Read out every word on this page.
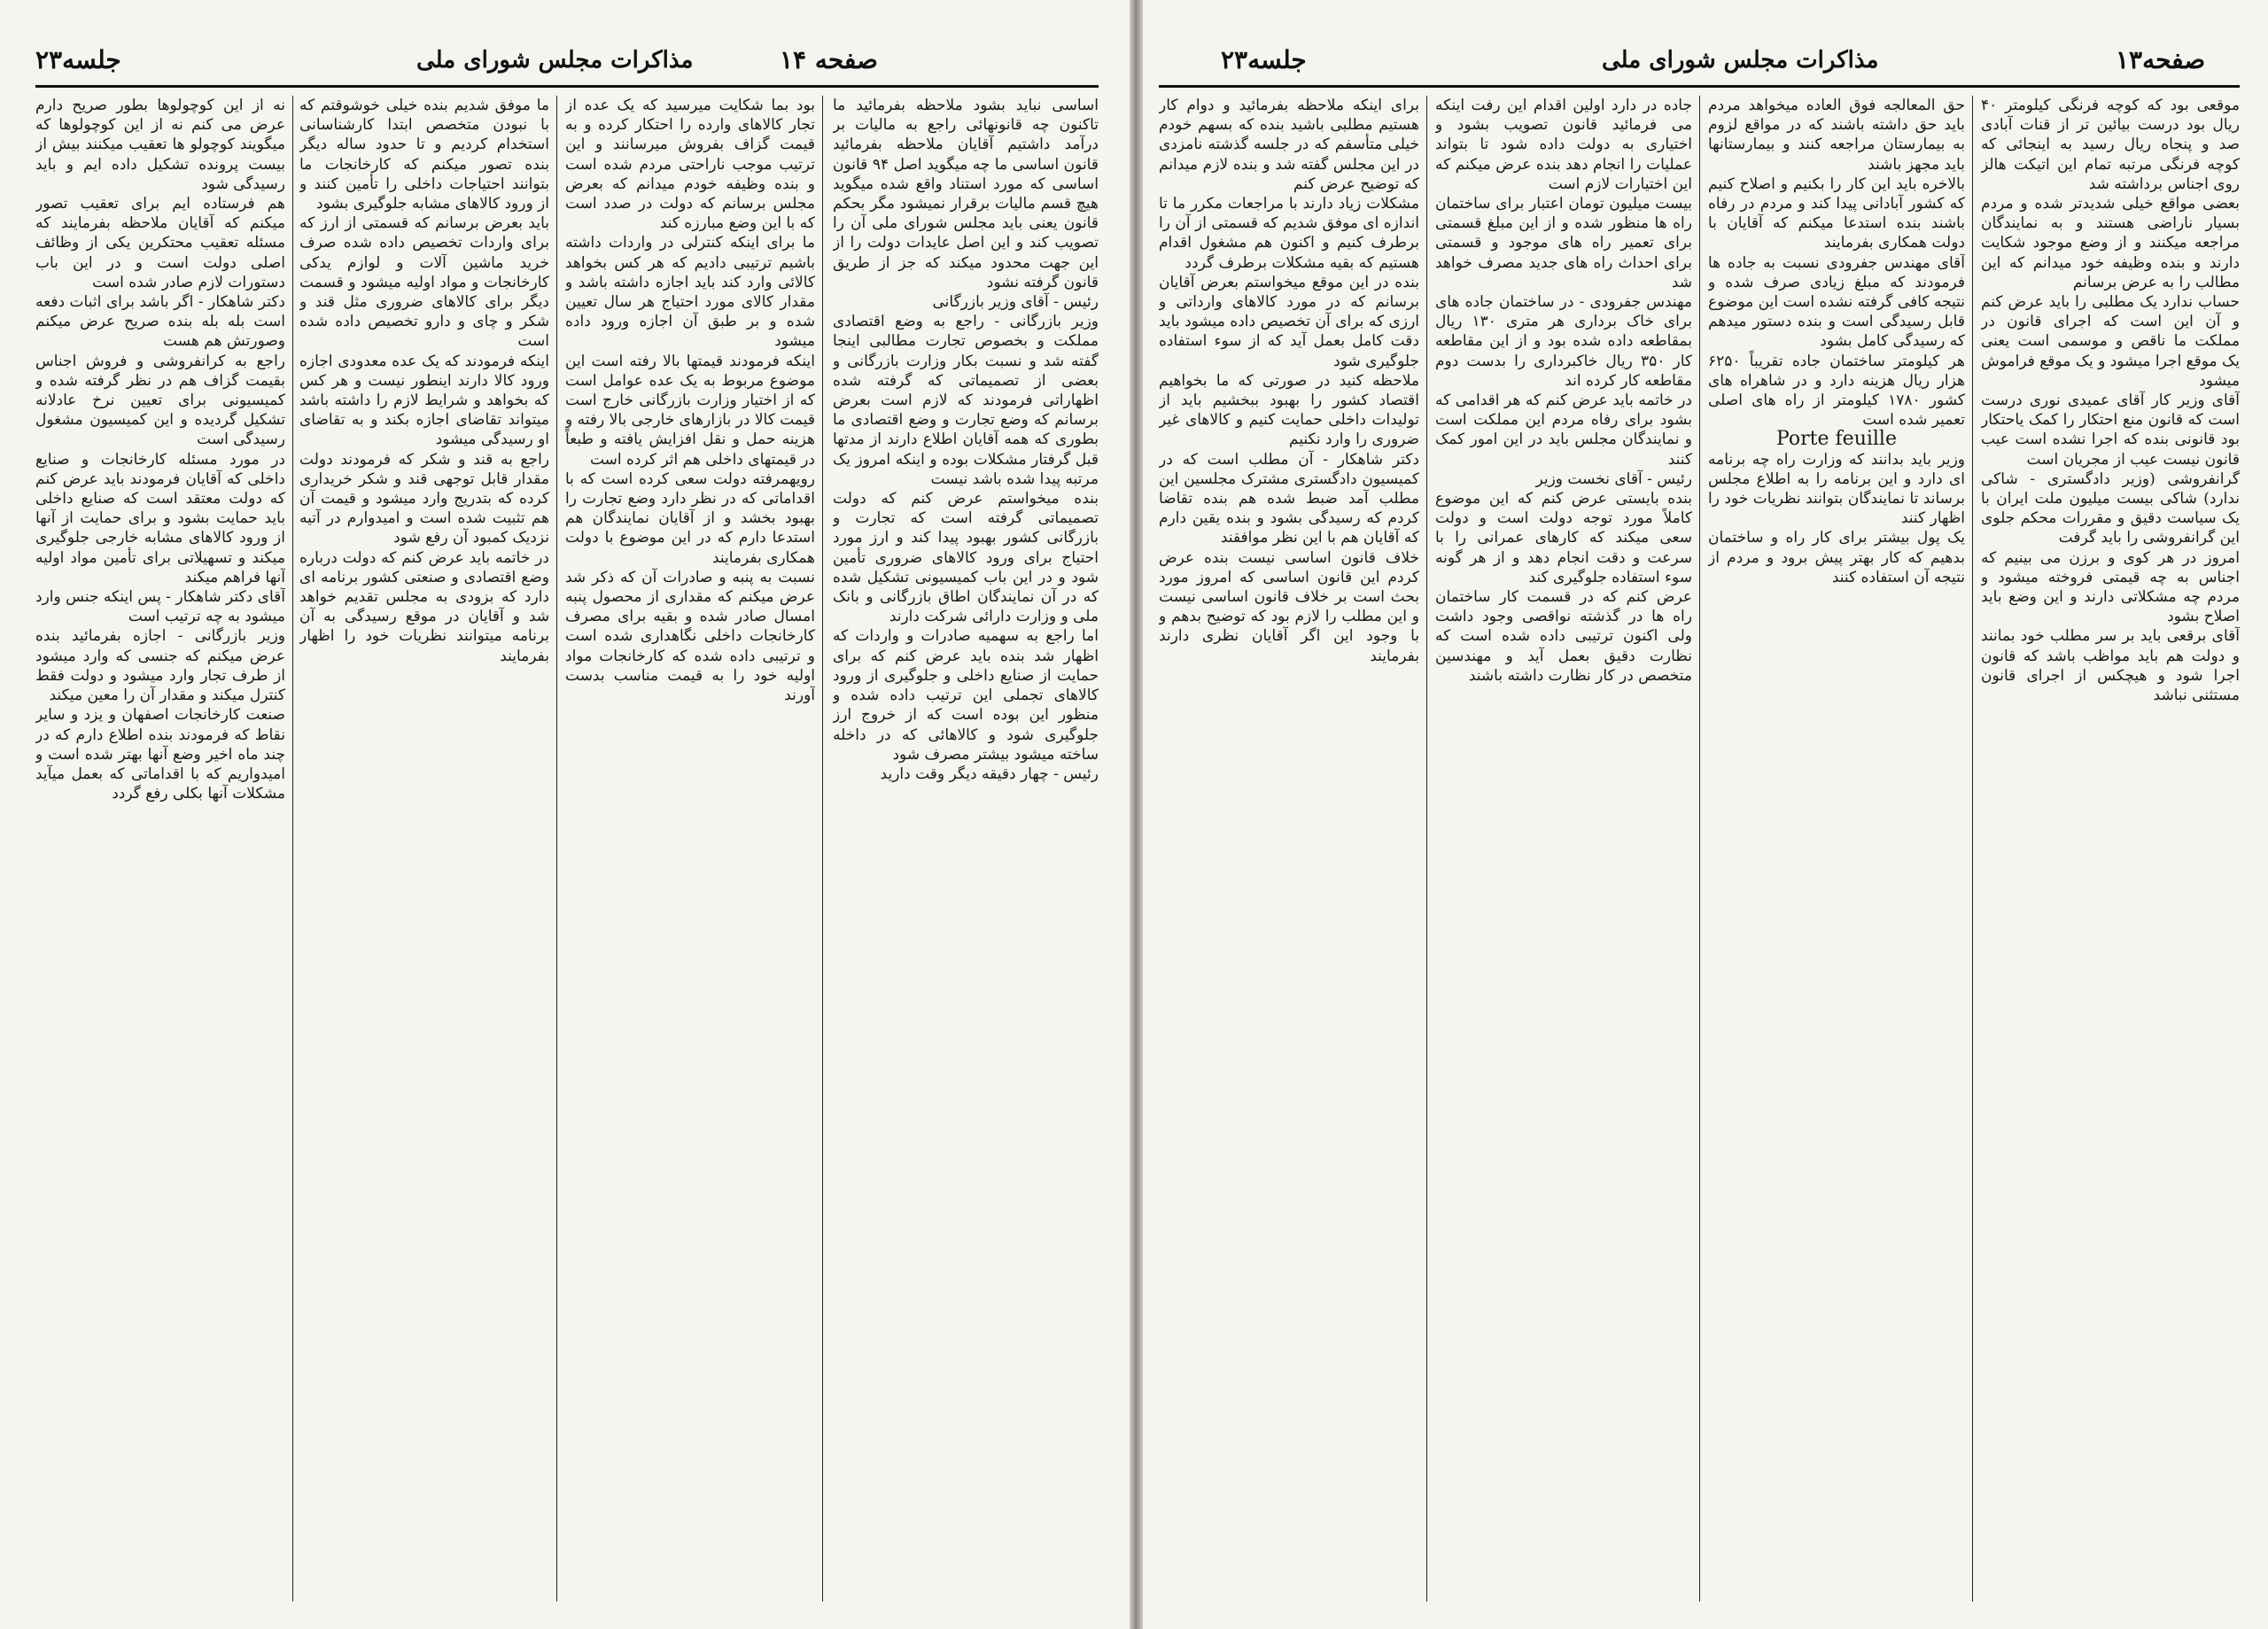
صفحه ۱۴
مذاکرات مجلس شورای ملی
جلسه۲۳

اساسی نباید بشود ملاحظه بفرمائید ما تاکنون چه قانونهائی راجع به مالیات بر درآمد داشتیم آقایان ملاحظه بفرمائید قانون اساسی ما چه میگوید اصل ۹۴ قانون اساسی که مورد استناد واقع شده میگوید هیچ قسم مالیات برقرار نمیشود مگر بحکم قانون یعنی باید مجلس شورای ملی آن را تصویب کند و این اصل عایدات دولت را از این جهت محدود میکند که جز از طریق قانون گرفته نشود

رئیس - آقای وزیر بازرگانی

وزیر بازرگانی - راجع به وضع اقتصادی مملکت و بخصوص تجارت مطالبی اینجا گفته شد و نسبت بکار وزارت بازرگانی و بعضی از تصمیماتی که گرفته شده اظهاراتی فرمودند که لازم است بعرض برسانم که وضع تجارت و وضع اقتصادی ما بطوری که همه آقایان اطلاع دارند از مدتها قبل گرفتار مشکلات بوده و اینکه امروز یک مرتبه پیدا شده باشد نیست

بنده میخواستم عرض کنم که دولت تصمیماتی گرفته است که تجارت و بازرگانی کشور بهبود پیدا کند و ارز مورد احتیاج برای ورود کالاهای ضروری تأمین شود و در این باب کمیسیونی تشکیل شده که در آن نمایندگان اطاق بازرگانی و بانک ملی و وزارت دارائی شرکت دارند

اما راجع به سهمیه صادرات و واردات که اظهار شد بنده باید عرض کنم که برای حمایت از صنایع داخلی و جلوگیری از ورود کالاهای تجملی این ترتیب داده شده و منظور این بوده است که از خروج ارز جلوگیری شود و کالاهائی که در داخله ساخته میشود بیشتر مصرف شود

رئیس - چهار دقیقه دیگر وقت دارید

بود بما شکایت میرسید که یک عده از تجار کالاهای وارده را احتکار کرده و به قیمت گزاف بفروش میرسانند و این ترتیب موجب ناراحتی مردم شده است و بنده وظیفه خودم میدانم که بعرض مجلس برسانم که دولت در صدد است که با این وضع مبارزه کند

ما برای اینکه کنترلی در واردات داشته باشیم ترتیبی دادیم که هر کس بخواهد کالائی وارد کند باید اجازه داشته باشد و مقدار کالای مورد احتیاج هر سال تعیین شده و بر طبق آن اجازه ورود داده میشود

اینکه فرمودند قیمتها بالا رفته است این موضوع مربوط به یک عده عوامل است که از اختیار وزارت بازرگانی خارج است قیمت کالا در بازارهای خارجی بالا رفته و هزینه حمل و نقل افزایش یافته و طبعاً در قیمتهای داخلی هم اثر کرده است

رویهمرفته دولت سعی کرده است که با اقداماتی که در نظر دارد وضع تجارت را بهبود بخشد و از آقایان نمایندگان هم استدعا دارم که در این موضوع با دولت همکاری بفرمایند

نسبت به پنبه و صادرات آن که ذکر شد عرض میکنم که مقداری از محصول پنبه امسال صادر شده و بقیه برای مصرف کارخانجات داخلی نگاهداری شده است و ترتیبی داده شده که کارخانجات مواد اولیه خود را به قیمت مناسب بدست آورند

ما موفق شدیم بنده خیلی خوشوقتم که با نبودن متخصص ابتدا کارشناسانی استخدام کردیم و تا حدود ساله دیگر بنده تصور میکنم که کارخانجات ما بتوانند احتیاجات داخلی را تأمین کنند و از ورود کالاهای مشابه جلوگیری بشود

باید بعرض برسانم که قسمتی از ارز که برای واردات تخصیص داده شده صرف خرید ماشین آلات و لوازم یدکی کارخانجات و مواد اولیه میشود و قسمت دیگر برای کالاهای ضروری مثل قند و شکر و چای و دارو تخصیص داده شده است

اینکه فرمودند که یک عده معدودی اجازه ورود کالا دارند اینطور نیست و هر کس که بخواهد و شرایط لازم را داشته باشد میتواند تقاضای اجازه بکند و به تقاضای او رسیدگی میشود

راجع به قند و شکر که فرمودند دولت مقدار قابل توجهی قند و شکر خریداری کرده که بتدریج وارد میشود و قیمت آن هم تثبیت شده است و امیدوارم در آتیه نزدیک کمبود آن رفع شود

در خاتمه باید عرض کنم که دولت درباره وضع اقتصادی و صنعتی کشور برنامه ای دارد که بزودی به مجلس تقدیم خواهد شد و آقایان در موقع رسیدگی به آن برنامه میتوانند نظریات خود را اظهار بفرمایند

نه از این کوچولوها بطور صریح دارم عرض می کنم نه از این کوچولوها که میگویند کوچولو ها تعقیب میکنند بیش از بیست پرونده تشکیل داده ایم و باید رسیدگی شود

هم فرستاده ایم برای تعقیب تصور میکنم که آقایان ملاحظه بفرمایند که مسئله تعقیب محتکرین یکی از وظائف اصلی دولت است و در این باب دستورات لازم صادر شده است

دکتر شاهکار - اگر باشد برای اثبات دفعه است بله بله بنده صریح عرض میکنم وصورتش هم هست

راجع به کرانفروشی و فروش اجناس بقیمت گزاف هم در نظر گرفته شده و کمیسیونی برای تعیین نرخ عادلانه تشکیل گردیده و این کمیسیون مشغول رسیدگی است

در مورد مسئله کارخانجات و صنایع داخلی که آقایان فرمودند باید عرض کنم که دولت معتقد است که صنایع داخلی باید حمایت بشود و برای حمایت از آنها از ورود کالاهای مشابه خارجی جلوگیری میکند و تسهیلاتی برای تأمین مواد اولیه آنها فراهم میکند

آقای دکتر شاهکار - پس اینکه جنس وارد میشود به چه ترتیب است

وزیر بازرگانی - اجازه بفرمائید بنده عرض میکنم که جنسی که وارد میشود از طرف تجار وارد میشود و دولت فقط کنترل میکند و مقدار آن را معین میکند

صنعت کارخانجات اصفهان و یزد و سایر نقاط که فرمودند بنده اطلاع دارم که در چند ماه اخیر وضع آنها بهتر شده است و امیدواریم که با اقداماتی که بعمل میآید مشکلات آنها بکلی رفع گردد

صفحه۱۳
مذاکرات مجلس شورای ملی
جلسه۲۳

موقعی بود که کوچه فرنگی کیلومتر ۴۰ ریال بود درست بیائین تر از قنات آبادی صد و پنجاه ریال رسید به اینجائی که کوچه فرنگی مرتبه تمام این اتیکت هالز روی اجناس برداشته شد

بعضی مواقع خیلی شدیدتر شده و مردم بسیار ناراضی هستند و به نمایندگان مراجعه میکنند و از وضع موجود شکایت دارند و بنده وظیفه خود میدانم که این مطالب را به عرض برسانم

حساب ندارد یک مطلبی را باید عرض کنم و آن این است که اجرای قانون در مملکت ما ناقص و موسمی است یعنی یک موقع اجرا میشود و یک موقع فراموش میشود

آقای وزیر کار آقای عمیدی نوری درست است که قانون منع احتکار را کمک یاحتکار بود قانونی بنده که اجرا نشده است عیب قانون نیست عیب از مجریان است

گرانفروشی (وزیر دادگستری - شاکی ندارد) شاکی بیست میلیون ملت ایران با یک سیاست دقیق و مقررات محکم جلوی این گرانفروشی را باید گرفت

امروز در هر کوی و برزن می بینیم که اجناس به چه قیمتی فروخته میشود و مردم چه مشکلاتی دارند و این وضع باید اصلاح بشود

آقای برقعی باید بر سر مطلب خود بمانند و دولت هم باید مواظب باشد که قانون اجرا شود و هیچکس از اجرای قانون مستثنی نباشد

حق المعالجه فوق العاده میخواهد مردم باید حق داشته باشند که در مواقع لزوم به بیمارستان مراجعه کنند و بیمارستانها باید مجهز باشند

بالاخره باید این کار را بکنیم و اصلاح کنیم که کشور آبادانی پیدا کند و مردم در رفاه باشند بنده استدعا میکنم که آقایان با دولت همکاری بفرمایند

آقای مهندس جفرودی نسبت به جاده ها فرمودند که مبلغ زیادی صرف شده و نتیجه کافی گرفته نشده است این موضوع قابل رسیدگی است و بنده دستور میدهم که رسیدگی کامل بشود

هر کیلومتر ساختمان جاده تقریباً ۶۲۵۰ هزار ریال هزینه دارد و در شاهراه های کشور ۱۷۸۰ کیلومتر از راه های اصلی تعمیر شده است

Porte feuille

وزیر باید بدانند که وزارت راه چه برنامه ای دارد و این برنامه را به اطلاع مجلس برساند تا نمایندگان بتوانند نظریات خود را اظهار کنند

یک پول بیشتر برای کار راه و ساختمان بدهیم که کار بهتر پیش برود و مردم از نتیجه آن استفاده کنند

جاده در دارد اولین اقدام این رفت اینکه می فرمائید قانون تصویب بشود و اختیاری به دولت داده شود تا بتواند عملیات را انجام دهد بنده عرض میکنم که این اختیارات لازم است

بیست میلیون تومان اعتبار برای ساختمان راه ها منظور شده و از این مبلغ قسمتی برای تعمیر راه های موجود و قسمتی برای احداث راه های جدید مصرف خواهد شد

مهندس جفرودی - در ساختمان جاده های برای خاک برداری هر متری ۱۳۰ ریال بمقاطعه داده شده بود و از این مقاطعه کار ۳۵۰ ریال خاکبرداری را بدست دوم مقاطعه کار کرده اند

در خاتمه باید عرض کنم که هر اقدامی که بشود برای رفاه مردم این مملکت است و نمایندگان مجلس باید در این امور کمک کنند

رئیس - آقای نخست وزیر

بنده بایستی عرض کنم که این موضوع کاملاً مورد توجه دولت است و دولت سعی میکند که کارهای عمرانی را با سرعت و دقت انجام دهد و از هر گونه سوء استفاده جلوگیری کند

عرض کنم که در قسمت کار ساختمان راه ها در گذشته نواقصی وجود داشت ولی اکنون ترتیبی داده شده است که نظارت دقیق بعمل آید و مهندسین متخصص در کار نظارت داشته باشند

برای اینکه ملاحظه بفرمائید و دوام کار هستیم مطلبی باشید بنده که بسهم خودم خیلی متأسفم که در جلسه گذشته نامزدی در این مجلس گفته شد و بنده لازم میدانم که توضیح عرض کنم

مشکلات زیاد دارند با مراجعات مکرر ما تا اندازه ای موفق شدیم که قسمتی از آن را برطرف کنیم و اکنون هم مشغول اقدام هستیم که بقیه مشکلات برطرف گردد

بنده در این موقع میخواستم بعرض آقایان برسانم که در مورد کالاهای وارداتی و ارزی که برای آن تخصیص داده میشود باید دقت کامل بعمل آید که از سوء استفاده جلوگیری شود

ملاحظه کنید در صورتی که ما بخواهیم اقتصاد کشور را بهبود ببخشیم باید از تولیدات داخلی حمایت کنیم و کالاهای غیر ضروری را وارد نکنیم

دکتر شاهکار - آن مطلب است که در کمیسیون دادگستری مشترک مجلسین این مطلب آمد ضبط شده هم بنده تقاضا کردم که رسیدگی بشود و بنده یقین دارم که آقایان هم با این نظر موافقند

خلاف قانون اساسی نیست بنده عرض کردم این قانون اساسی که امروز مورد بحث است بر خلاف قانون اساسی نیست و این مطلب را لازم بود که توضیح بدهم و با وجود این اگر آقایان نظری دارند بفرمایند
